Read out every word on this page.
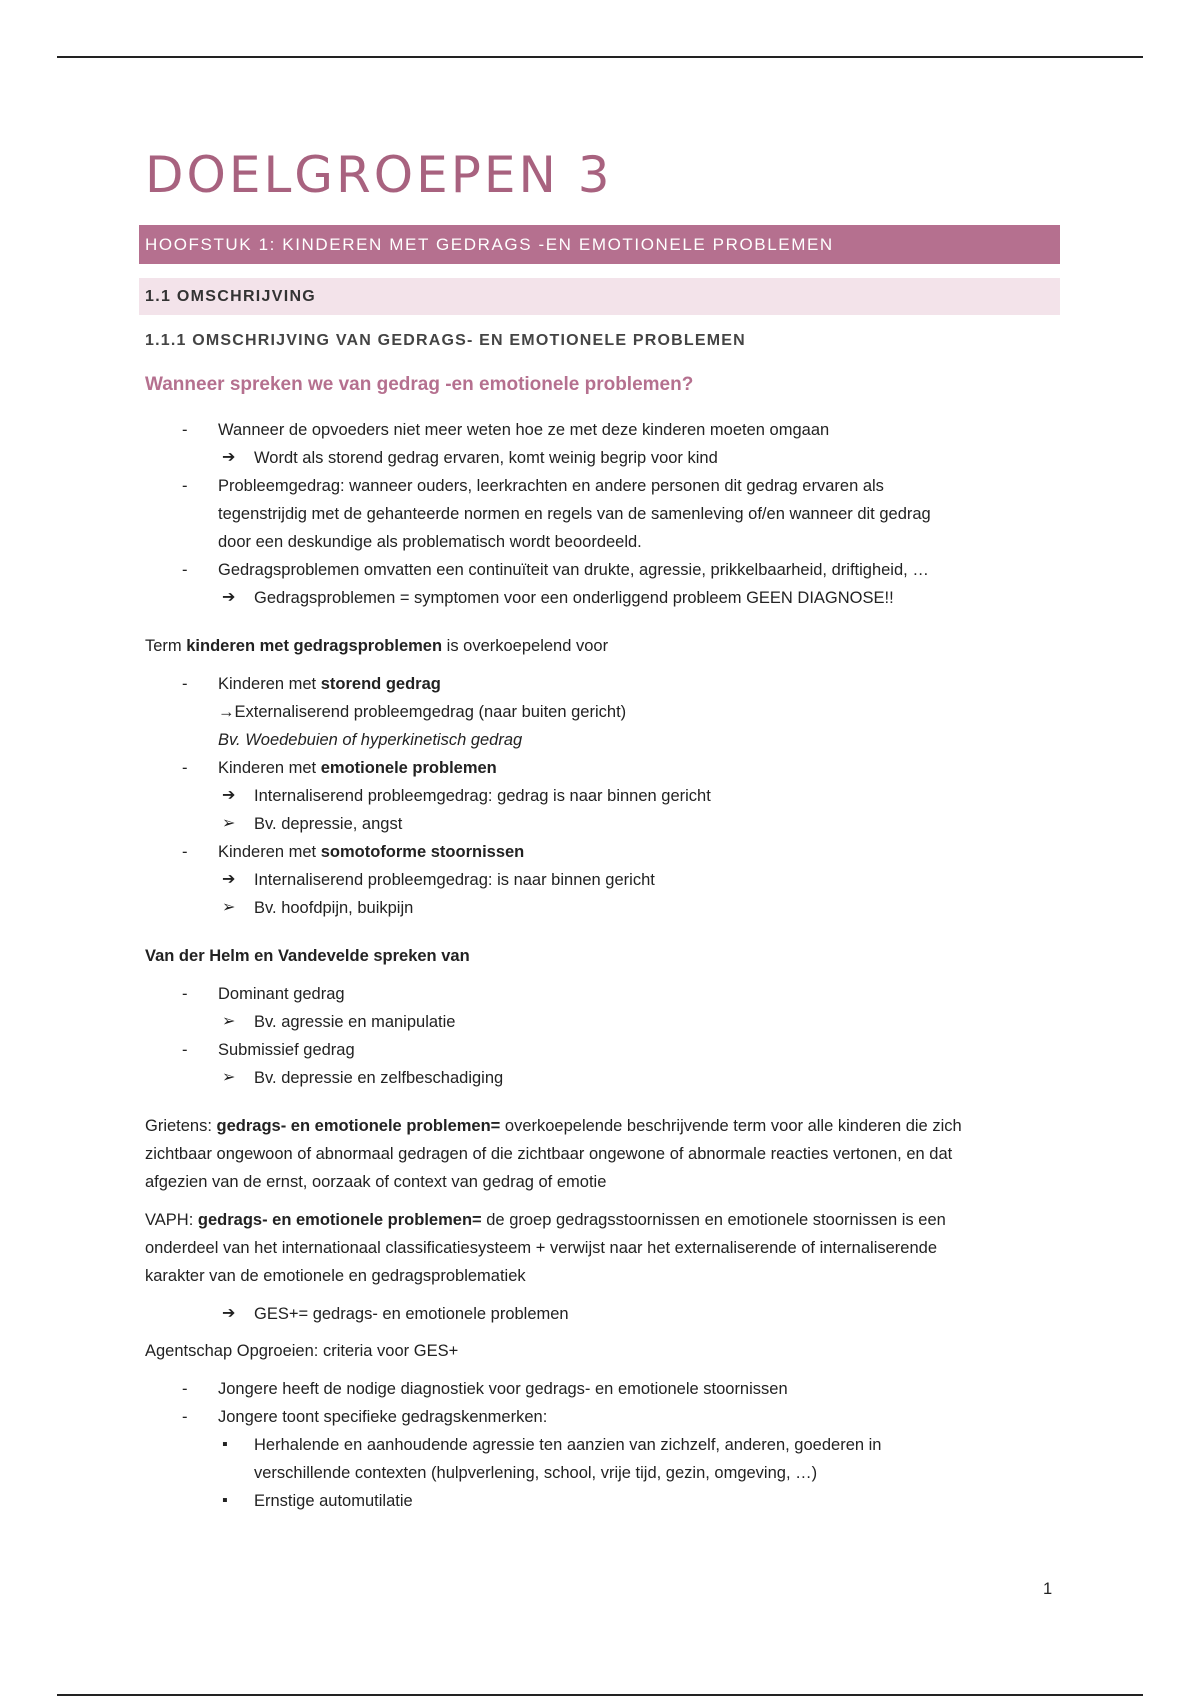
DOELGROEPEN 3
HOOFSTUK 1: KINDEREN MET GEDRAGS -EN EMOTIONELE PROBLEMEN
1.1 OMSCHRIJVING
1.1.1 OMSCHRIJVING VAN GEDRAGS- EN EMOTIONELE PROBLEMEN
Wanneer spreken we van gedrag -en emotionele problemen?
- Wanneer de opvoeders niet meer weten hoe ze met deze kinderen moeten omgaan
➔ Wordt als storend gedrag ervaren, komt weinig begrip voor kind
- Probleemgedrag: wanneer ouders, leerkrachten en andere personen dit gedrag ervaren als
tegenstrijdig met de gehanteerde normen en regels van de samenleving of/en wanneer dit gedrag
door een deskundige als problematisch wordt beoordeeld.
- Gedragsproblemen omvatten een continuïteit van drukte, agressie, prikkelbaarheid, driftigheid, …
➔ Gedragsproblemen = symptomen voor een onderliggend probleem GEEN DIAGNOSE!!

Term kinderen met gedragsproblemen is overkoepelend voor

- Kinderen met storend gedrag
→Externaliserend probleemgedrag (naar buiten gericht)
Bv. Woedebuien of hyperkinetisch gedrag
- Kinderen met emotionele problemen
➔ Internaliserend probleemgedrag: gedrag is naar binnen gericht
➢ Bv. depressie, angst
- Kinderen met somotoforme stoornissen
➔ Internaliserend probleemgedrag: is naar binnen gericht
➢ Bv. hoofdpijn, buikpijn

Van der Helm en Vandevelde spreken van

- Dominant gedrag
➢ Bv. agressie en manipulatie
- Submissief gedrag
➢ Bv. depressie en zelfbeschadiging

Grietens: gedrags- en emotionele problemen= overkoepelende beschrijvende term voor alle kinderen die zich

zichtbaar ongewoon of abnormaal gedragen of die zichtbaar ongewone of abnormale reacties vertonen, en dat

afgezien van de ernst, oorzaak of context van gedrag of emotie

VAPH: gedrags- en emotionele problemen= de groep gedragsstoornissen en emotionele stoornissen is een

onderdeel van het internationaal classificatiesysteem + verwijst naar het externaliserende of internaliserende

karakter van de emotionele en gedragsproblematiek

➔ GES+= gedrags- en emotionele problemen

Agentschap Opgroeien: criteria voor GES+

- Jongere heeft de nodige diagnostiek voor gedrags- en emotionele stoornissen
- Jongere toont specifieke gedragskenmerken:
▪ Herhalende en aanhoudende agressie ten aanzien van zichzelf, anderen, goederen in
verschillende contexten (hulpverlening, school, vrije tijd, gezin, omgeving, …)
▪ Ernstige automutilatie
1
